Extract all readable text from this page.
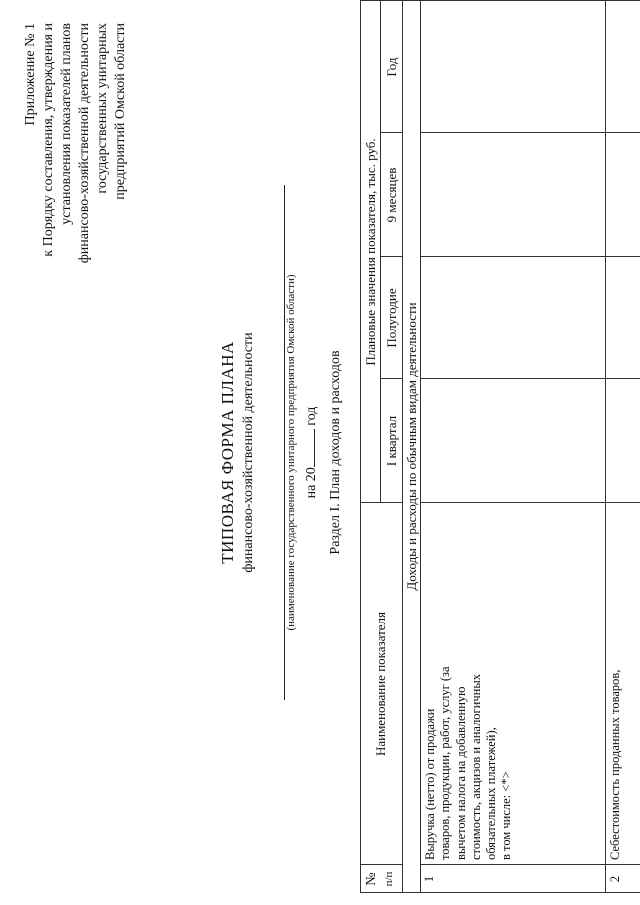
Приложение № 1 к Порядку составления, утверждения и установления показателей планов финансово-хозяйственной деятельности государственных унитарных предприятий Омской области
ТИПОВАЯ ФОРМА ПЛАНА финансово-хозяйственной деятельности	(наименование государственного унитарного предприятия Омской области) на 20 год Раздел I. План доходов и расходов
№ п/п
Наименование показателя
Плановые значения показателя, тыс. руб.
I квартал
Полугодие
9 месяцев
Год
Доходы и расходы по обычным видам деятельности
1
Выручка (нетто) от продажи товаров, продукции, работ, услуг (за вычетом налога на добавленную стоимость, акцизов и аналогичных обязательных платежей), в том числе: <*>
2
Себестоимость проданных товаров,
